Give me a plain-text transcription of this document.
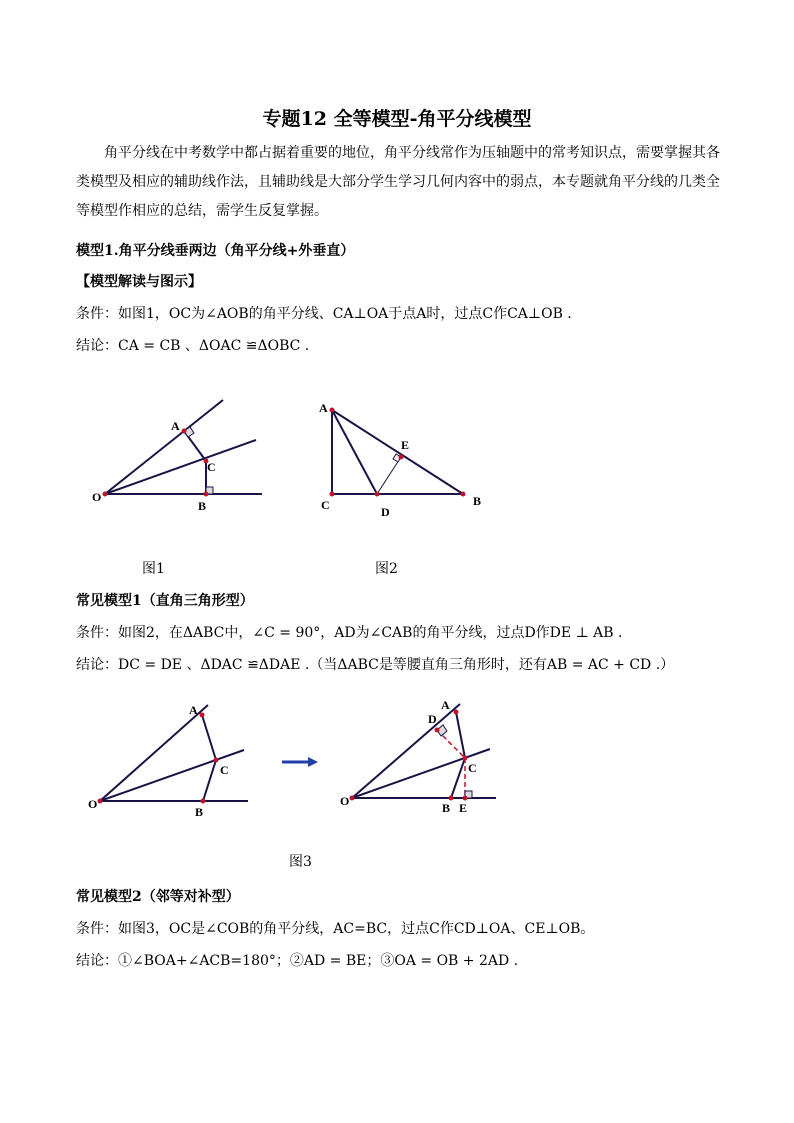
专题12 全等模型-角平分线模型
角平分线在中考数学中都占据着重要的地位，角平分线常作为压轴题中的常考知识点，需要掌握其各类模型及相应的辅助线作法，且辅助线是大部分学生学习几何内容中的弱点，本专题就角平分线的几类全等模型作相应的总结，需学生反复掌握。
模型1.角平分线垂两边（角平分线+外垂直）
【模型解读与图示】
条件：如图1，OC为∠AOB的角平分线、CA⊥OA于点A时，过点C作CA⊥OB .
结论：CA = CB 、ΔOAC ≌ΔOBC .
A
C
O
B
A
E
C	D
B
图1	图2
常见模型1（直角三角形型）
条件：如图2，在ΔABC中，∠C = 90°，AD为∠CAB的角平分线，过点D作DE ⊥ AB .
结论：DC = DE 、ΔDAC ≌ΔDAE .（当ΔABC是等腰直角三角形时，还有AB = AC + CD .）
A
C
O
B
D
A
C
O	B E
图3
常见模型2（邻等对补型）
条件：如图3，OC是∠COB的角平分线，AC=BC，过点C作CD⊥OA、CE⊥OB。
结论：①∠BOA+∠ACB=180°；②AD = BE；③OA = OB + 2AD .
